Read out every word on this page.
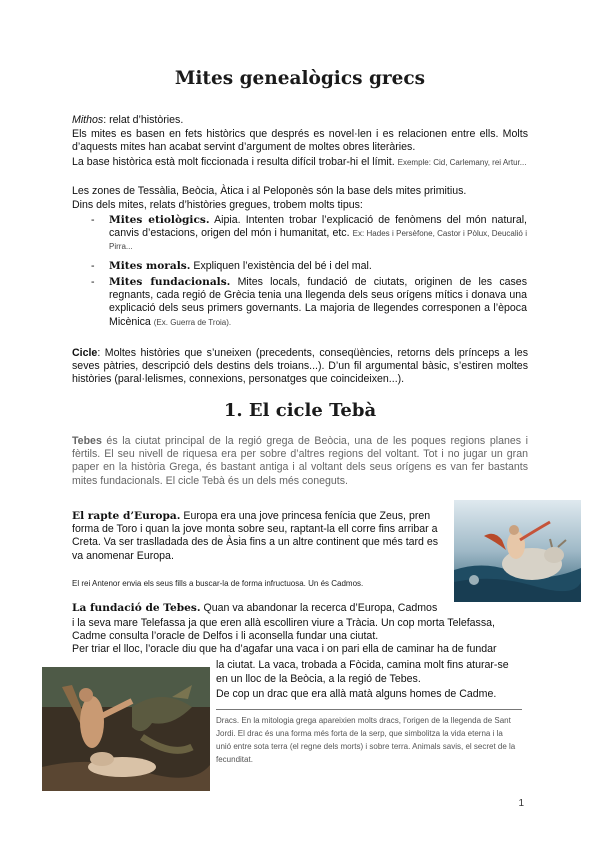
Mites genealògics grecs
Mithos: relat d’històries.
Els mites es basen en fets històrics que després es novel·len i es relacionen entre ells. Molts d’aquests mites han acabat servint d’argument de moltes obres literàries.
La base històrica està molt ficcionada i resulta difícil trobar-hi el límit. Exemple: Cid, Carlemany, rei Artur...
Les zones de Tessàlia, Beòcia, Àtica i al Peloponès són la base dels mites primitius.
Dins dels mites, relats d’històries gregues, trobem molts tipus:
- Mites etiològics. Aipia. Intenten trobar l’explicació de fenòmens del món natural, canvis d’estacions, origen del món i humanitat, etc. Ex: Hades i Persèfone, Castor i Pòlux, Deucalió i Pirra...
- Mites morals. Expliquen l’existència del bé i del mal.
- Mites fundacionals. Mites locals, fundació de ciutats, originen de les cases regnants, cada regió de Grècia tenia una llegenda dels seus orígens mítics i donava una explicació dels seus primers governants. La majoria de llegendes corresponen a l’època Micènica (Ex. Guerra de Troia).
Cicle: Moltes històries que s’uneixen (precedents, conseqüències, retorns dels prínceps a les seves pàtries, descripció dels destins dels troians...). D’un fil argumental bàsic, s’estiren moltes històries (paral·lelismes, connexions, personatges que coincideixen...).
1. El cicle Tebà
Tebes és la ciutat principal de la regió grega de Beòcia, una de les poques regions planes i fèrtils. El seu nivell de riquesa era per sobre d’altres regions del voltant. Tot i no jugar un gran paper en la història Grega, és bastant antiga i al voltant dels seus orígens es van fer bastants mites fundacionals. El cicle Tebà és un dels més coneguts.
El rapte d’Europa. Europa era una jove princesa fenícia que Zeus, pren forma de Toro i quan la jove monta sobre seu, raptant-la ell corre fins arribar a Creta. Va ser traslladada des de Àsia fins a un altre continent que més tard es va anomenar Europa.
El rei Antenor envia els seus fills a buscar-la de forma infructuosa. Un és Cadmos.
La fundació de Tebes. Quan va abandonar la recerca d’Europa, Cadmos
i la seva mare Telefassa ja que eren allà escolliren viure a Tràcia. Un cop morta Telefassa,
Cadme consulta l’oracle de Delfos i li aconsella fundar una ciutat.
Per triar el lloc, l’oracle diu que ha d’agafar una vaca i on pari ella de caminar ha de fundar
la ciutat. La vaca, trobada a Fòcida, camina molt fins aturar-se
en un lloc de la Beòcia, a la regió de Tebes.
De cop un drac que era allà matà alguns homes de Cadme.
Dracs. En la mitologia grega apareixien molts dracs, l’origen de la llegenda de Sant Jordi. El drac és una forma més forta de la serp, que simbolitza la vida eterna i la unió entre sota terra (el regne dels morts) i sobre terra. Animals savis, el secret de la fecunditat.
1
